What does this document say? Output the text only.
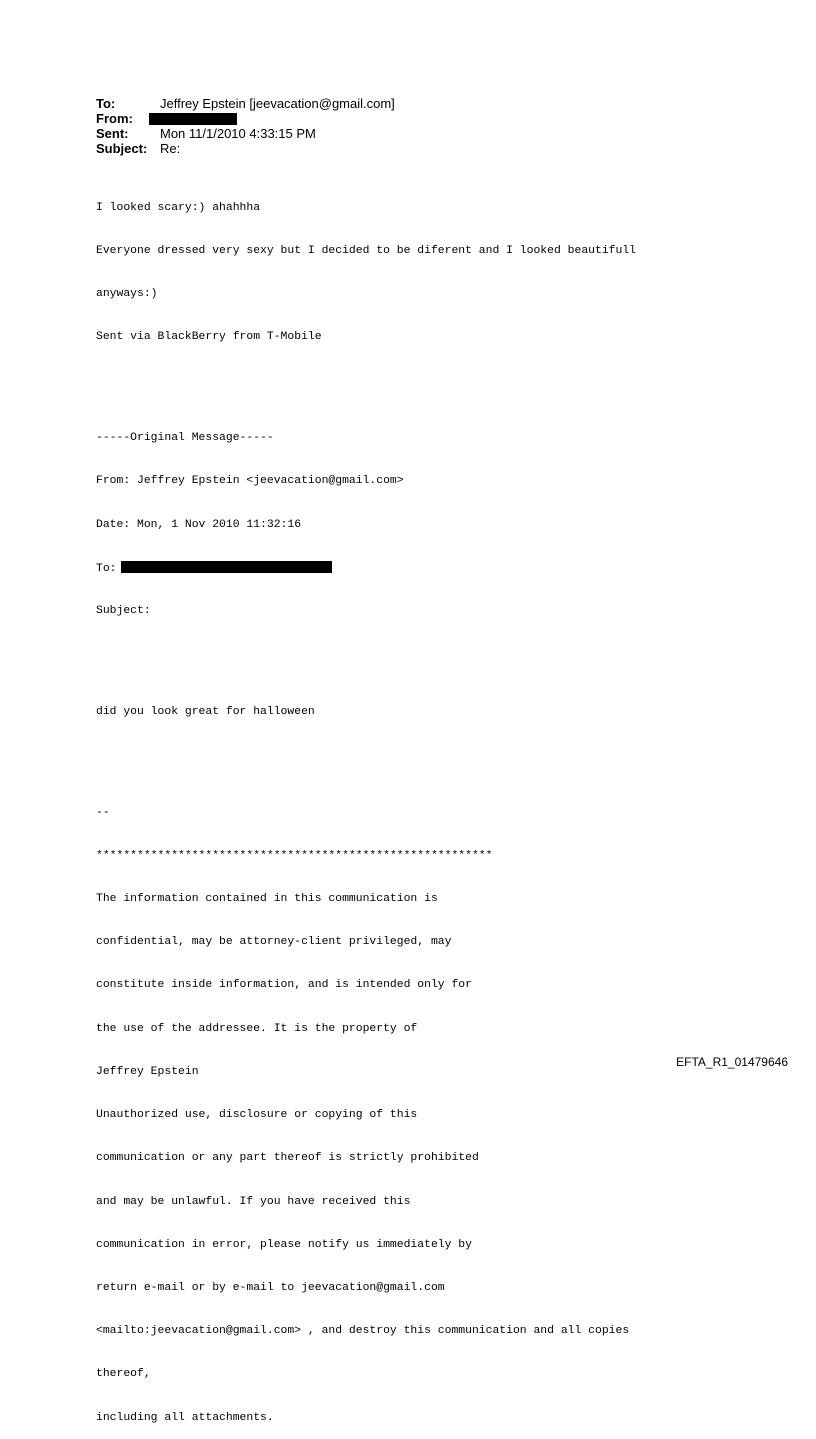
To:	Jeffrey Epstein [jeevacation@gmail.com]
From:
Sent:	Mon 11/1/2010 4:33:15 PM
Subject: Re:

I looked scary:) ahahhha

Everyone dressed very sexy but I decided to be diferent and I looked beautifull

anyways:)

Sent via BlackBerry from T-Mobile

-----Original Message-----

From: Jeffrey Epstein <jeevacation@gmail.com>

Date: Mon, 1 Nov 2010 11:32:16

To:

Subject:

did you look great for halloween

--

**********************************************************

The information contained in this communication is

confidential, may be attorney-client privileged, may

constitute inside information, and is intended only for

the use of the addressee. It is the property of

Jeffrey Epstein

Unauthorized use, disclosure or copying of this

communication or any part thereof is strictly prohibited

and may be unlawful. If you have received this

communication in error, please notify us immediately by

return e-mail or by e-mail to jeevacation@gmail.com

<mailto:jeevacation@gmail.com> , and destroy this communication and all copies

thereof,

including all attachments.

EFTA_R1_01479646
